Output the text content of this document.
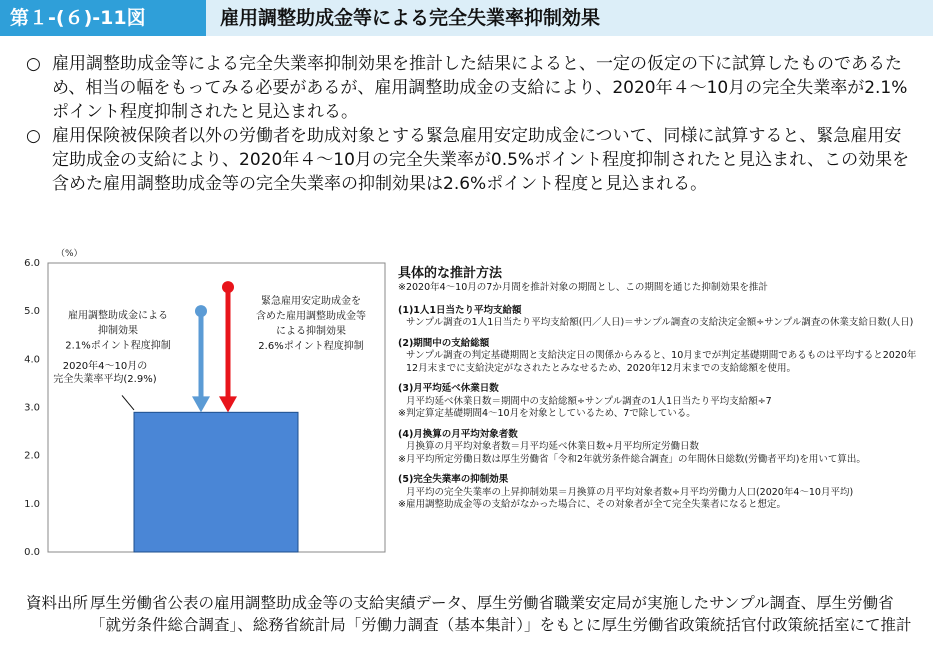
第１-(６)-11図	雇用調整助成金等による完全失業率抑制効果
○ 雇用調整助成金等による完全失業率抑制効果を推計した結果によると、一定の仮定の下に試算したものであるため、相当の幅をもってみる必要があるが、雇用調整助成金の支給により、2020年４～10月の完全失業率が2.1%ポイント程度抑制されたと見込まれる。
○ 雇用保険被保険者以外の労働者を助成対象とする緊急雇用安定助成金について、同様に試算すると、緊急雇用安定助成金の支給により、2020年４～10月の完全失業率が0.5%ポイント程度抑制されたと見込まれ、この効果を含めた雇用調整助成金等の完全失業率の抑制効果は2.6%ポイント程度と見込まれる。
（%）
0.0
1.0
2.0
3.0
4.0
5.0
6.0
2020年4～10月の
完全失業率平均(2.9%)
雇用調整助成金による
抑制効果
2.1%ポイント程度抑制
緊急雇用安定助成金を
含めた雇用調整助成金等
による抑制効果
2.6%ポイント程度抑制
具体的な推計方法
※2020年4～10月の7か月間を推計対象の期間とし、この期間を通じた抑制効果を推計
(1)1人1日当たり平均支給額
サンプル調査の1人1日当たり平均支給額(円／人日)＝サンプル調査の支給決定金額÷サンプル調査の休業支給日数(人日)
(2)期間中の支給総額
サンプル調査の判定基礎期間と支給決定日の関係からみると、10月までが判定基礎期間であるものは平均すると2020年12月末までに支給決定がなされたとみなせるため、2020年12月末までの支給総額を使用。
(3)月平均延べ休業日数
月平均延べ休業日数＝期間中の支給総額÷サンプル調査の1人1日当たり平均支給額÷7
※判定算定基礎期間4～10月を対象としているため、7で除している。
(4)月換算の月平均対象者数
月換算の月平均対象者数＝月平均延べ休業日数÷月平均所定労働日数
※月平均所定労働日数は厚生労働省「令和2年就労条件総合調査」の年間休日総数(労働者平均)を用いて算出。
(5)完全失業率の抑制効果
月平均の完全失業率の上昇抑制効果＝月換算の月平均対象者数÷月平均労働力人口(2020年4～10月平均)
※雇用調整助成金等の支給がなかった場合に、その対象者が全て完全失業者になると想定。
資料出所 厚生労働省公表の雇用調整助成金等の支給実績データ、厚生労働省職業安定局が実施したサンプル調査、厚生労働省「就労条件総合調査」、総務省統計局「労働力調査（基本集計）」をもとに厚生労働省政策統括官付政策統括室にて推計
